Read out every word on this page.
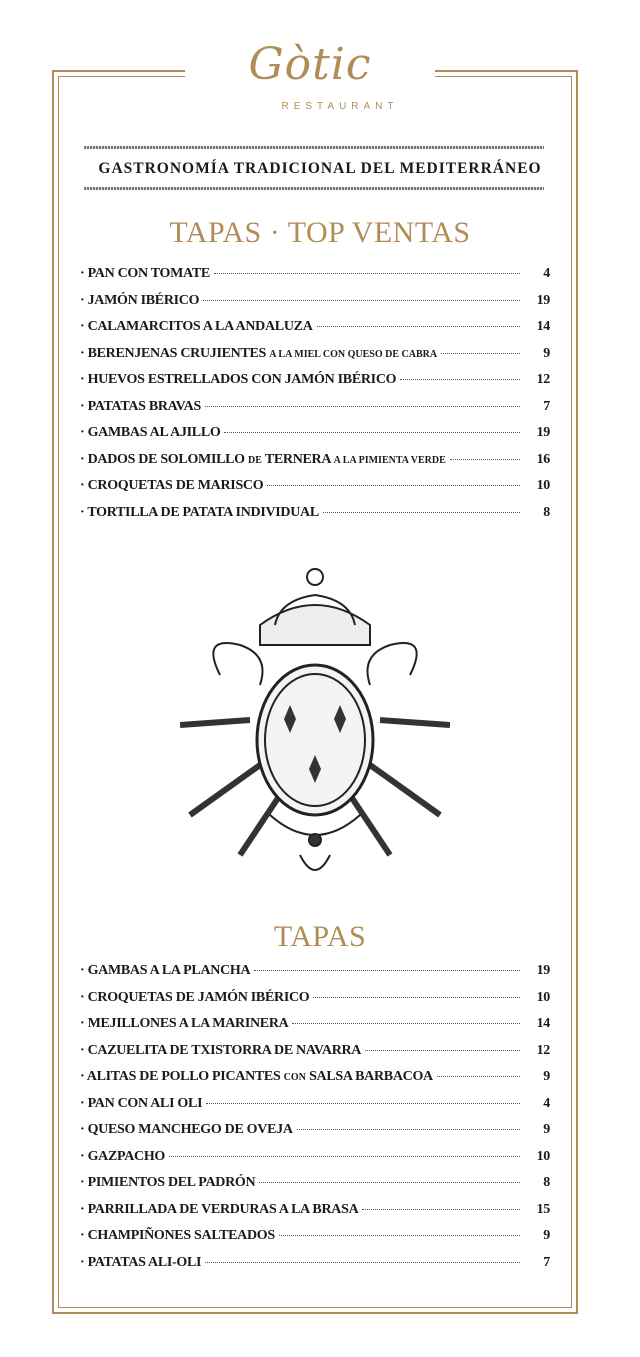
Gòtic
RESTAURANT
GASTRONOMÍA TRADICIONAL DEL MEDITERRÁNEO
TAPAS · TOP VENTAS
· PAN CON TOMATE	4
· JAMÓN IBÉRICO	19
· CALAMARCITOS A LA ANDALUZA	14
· BERENJENAS CRUJIENTES A LA MIEL CON QUESO DE CABRA	9
· HUEVOS ESTRELLADOS CON JAMÓN IBÉRICO	12
· PATATAS BRAVAS	7
· GAMBAS AL AJILLO	19
· DADOS DE SOLOMILLO DE TERNERA A LA PIMIENTA VERDE	16
· CROQUETAS DE MARISCO	10
· TORTILLA DE PATATA INDIVIDUAL	8
TAPAS
· GAMBAS A LA PLANCHA	19
· CROQUETAS DE JAMÓN IBÉRICO	10
· MEJILLONES A LA MARINERA	14
· CAZUELITA DE TXISTORRA DE NAVARRA	12
· ALITAS DE POLLO PICANTES CON SALSA BARBACOA	9
· PAN CON ALI OLI	4
· QUESO MANCHEGO DE OVEJA	9
· GAZPACHO	10
· PIMIENTOS DEL PADRÓN	8
· PARRILLADA DE VERDURAS A LA BRASA	15
· CHAMPIÑONES SALTEADOS	9
· PATATAS ALI-OLI	7
